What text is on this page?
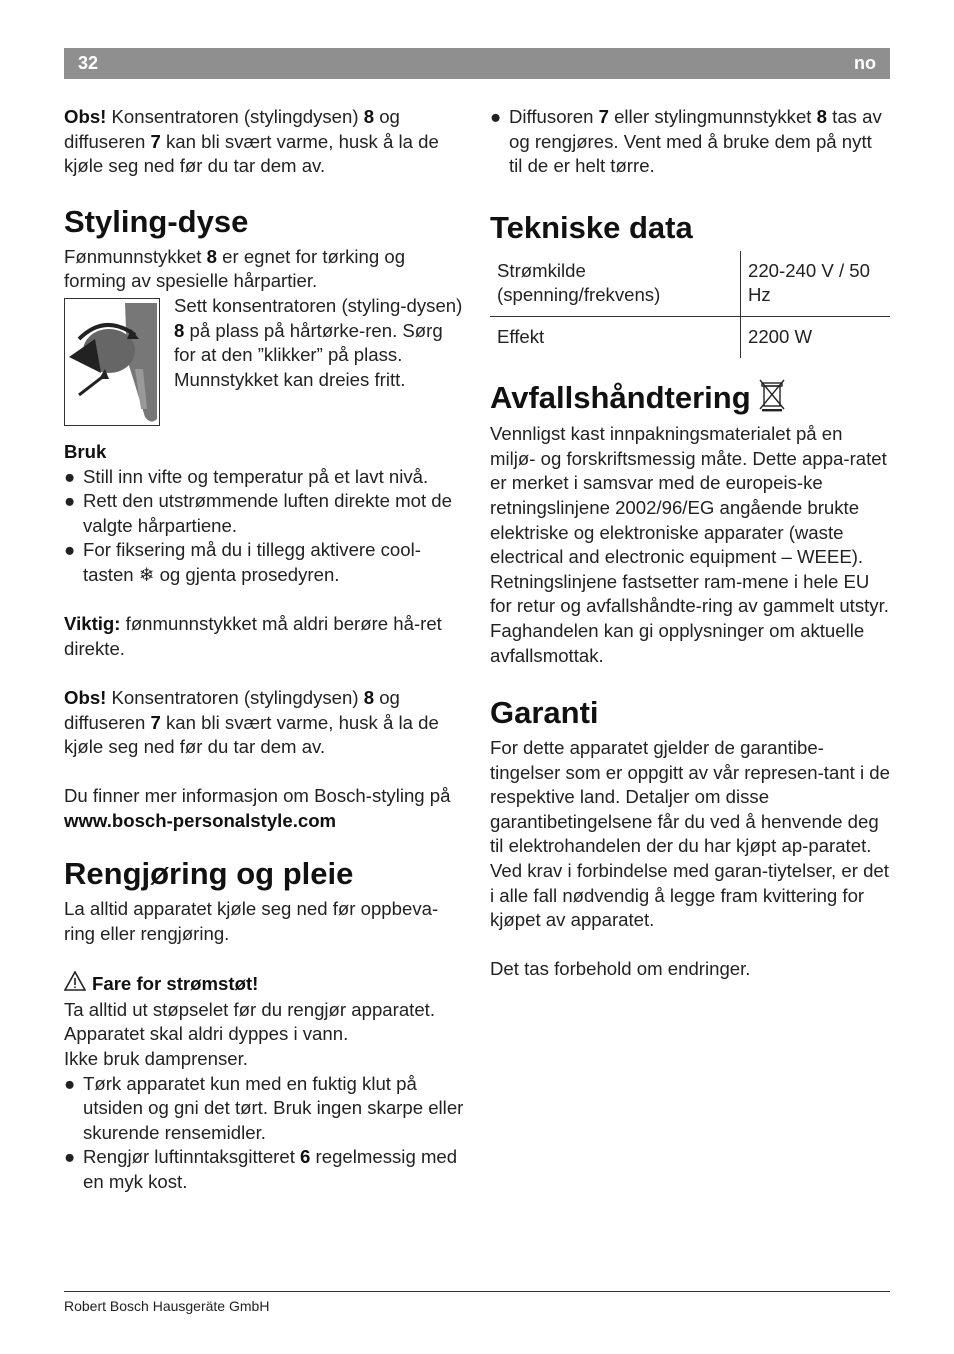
32	no

Obs! Konsentratoren (stylingdysen) 8 og diffuseren 7 kan bli svært varme, husk å la de kjøle seg ned før du tar dem av.

Styling-dyse

Fønmunnstykket 8 er egnet for tørking og forming av spesielle hårpartier.

Sett konsentratoren (styling-dysen) 8 på plass på hårtørke-ren. Sørg for at den ”klikker” på plass. Munnstykket kan dreies fritt.

Bruk

● Still inn vifte og temperatur på et lavt nivå.
● Rett den utstrømmende luften direkte mot de valgte hårpartiene.
● For fiksering må du i tillegg aktivere cool-tasten ❄ og gjenta prosedyren.

Viktig: fønmunnstykket må aldri berøre hå-ret direkte.

Obs! Konsentratoren (stylingdysen) 8 og diffuseren 7 kan bli svært varme, husk å la de kjøle seg ned før du tar dem av.

Du finner mer informasjon om Bosch-styling på

www.bosch-personalstyle.com

Rengjøring og pleie

La alltid apparatet kjøle seg ned før oppbeva-ring eller rengjøring.

Fare for strømstøt!

Ta alltid ut støpselet før du rengjør apparatet.

Apparatet skal aldri dyppes i vann.

Ikke bruk damprenser.

● Tørk apparatet kun med en fuktig klut på utsiden og gni det tørt. Bruk ingen skarpe eller skurende rensemidler.
● Rengjør luftinntaksgitteret 6 regelmessig med en myk kost.
● Diffusoren 7 eller stylingmunnstykket 8 tas av og rengjøres. Vent med å bruke dem på nytt til de er helt tørre.
Tekniske data
Strømkilde (spenning/frekvens)	220-240 V / 50 Hz
Effekt	2200 W
Avfallshåndtering

Vennligst kast innpakningsmaterialet på en miljø- og forskriftsmessig måte. Dette appa-ratet er merket i samsvar med de europeis-ke retningslinjene 2002/96/EG angående brukte elektriske og elektroniske apparater (waste electrical and electronic equipment – WEEE). Retningslinjene fastsetter ram-mene i hele EU for retur og avfallshåndte-ring av gammelt utstyr. Faghandelen kan gi opplysninger om aktuelle avfallsmottak.

Garanti

For dette apparatet gjelder de garantibe-tingelser som er oppgitt av vår represen-tant i de respektive land. Detaljer om disse garantibetingelsene får du ved å henvende deg til elektrohandelen der du har kjøpt ap-paratet. Ved krav i forbindelse med garan-tiytelser, er det i alle fall nødvendig å legge fram kvittering for kjøpet av apparatet.

Det tas forbehold om endringer.

Robert Bosch Hausgeräte GmbH
